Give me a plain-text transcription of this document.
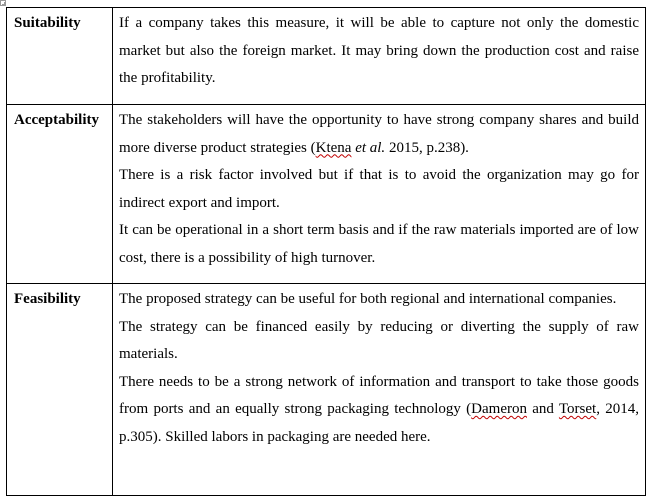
Suitability	If a company takes this measure, it will be able to capture not only the domestic market but also the foreign market. It may bring down the production cost and raise the profitability.

Acceptability	The stakeholders will have the opportunity to have strong company shares and build more diverse product strategies (Ktena et al. 2015, p.238).

There is a risk factor involved but if that is to avoid the organization may go for indirect export and import.

It can be operational in a short term basis and if the raw materials imported are of low cost, there is a possibility of high turnover.

Feasibility	The proposed strategy can be useful for both regional and international companies.

The strategy can be financed easily by reducing or diverting the supply of raw materials.

There needs to be a strong network of information and transport to take those goods from ports and an equally strong packaging technology (Dameron and Torset, 2014, p.305). Skilled labors in packaging are needed here.
